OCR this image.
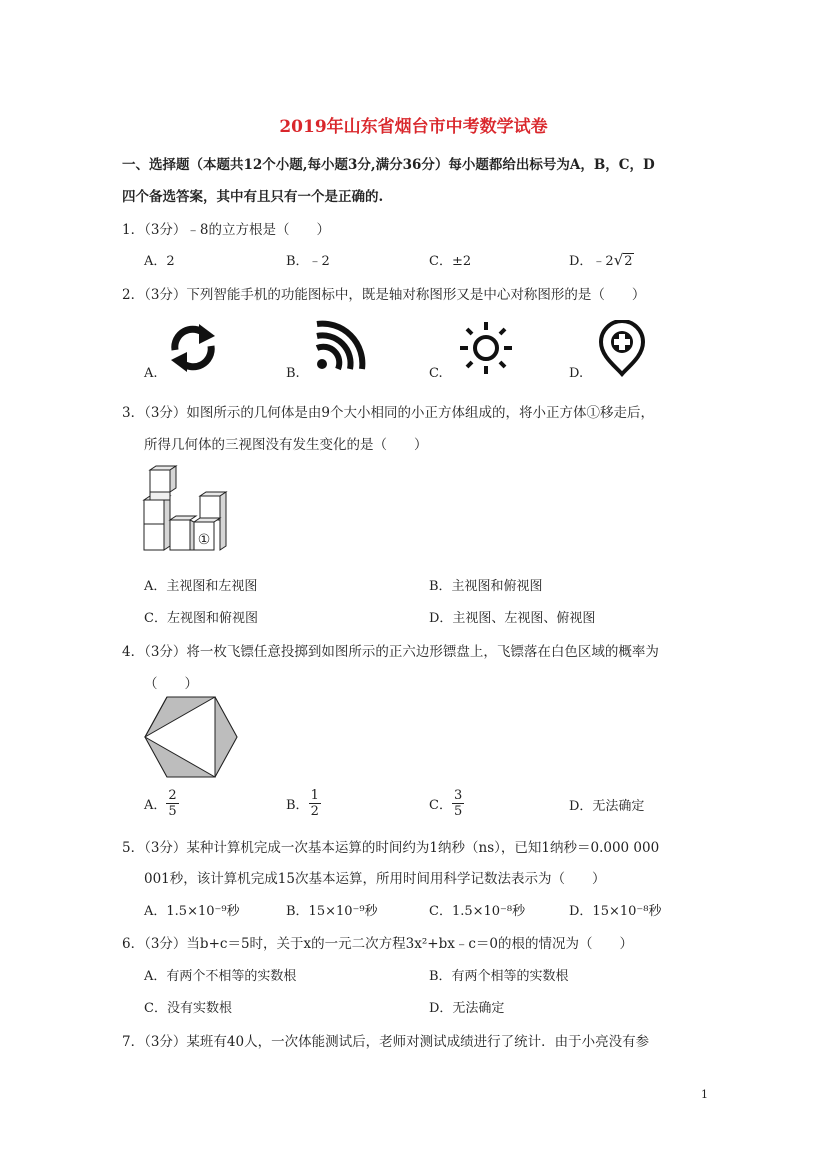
2019年山东省烟台市中考数学试卷
一、选择题（本题共12个小题,每小题3分,满分36分）每小题都给出标号为A，B，C，D
四个备选答案，其中有且只有一个是正确的.
1．（3分）﹣8的立方根是（　　）
A．2	B．﹣2	C．±2	D．﹣2√2
2．（3分）下列智能手机的功能图标中，既是轴对称图形又是中心对称图形的是（　　）
A.	B.	C.	D.
3．（3分）如图所示的几何体是由9个大小相同的小正方体组成的，将小正方体①移走后，
所得几何体的三视图没有发生变化的是（　　）
①
A．主视图和左视图	B．主视图和俯视图
C．左视图和俯视图	D．主视图、左视图、俯视图
4．（3分）将一枚飞镖任意投掷到如图所示的正六边形镖盘上，飞镖落在白色区域的概率为
（　　）
A． $\frac{2}{5}$	B． $\frac{1}{2}$	C． $\frac{3}{5}$	D．无法确定
5．（3分）某种计算机完成一次基本运算的时间约为1纳秒（ns），已知1纳秒＝0.000 000
001秒，该计算机完成15次基本运算，所用时间用科学记数法表示为（　　）
A．1.5×10⁻⁹秒	B．15×10⁻⁹秒	C．1.5×10⁻⁸秒	D．15×10⁻⁸秒
6．（3分）当b+c＝5时，关于x的一元二次方程3x²+bx﹣c＝0的根的情况为（　　）
A．有两个不相等的实数根	B．有两个相等的实数根
C．没有实数根	D．无法确定
7．（3分）某班有40人，一次体能测试后，老师对测试成绩进行了统计．由于小亮没有参
1
